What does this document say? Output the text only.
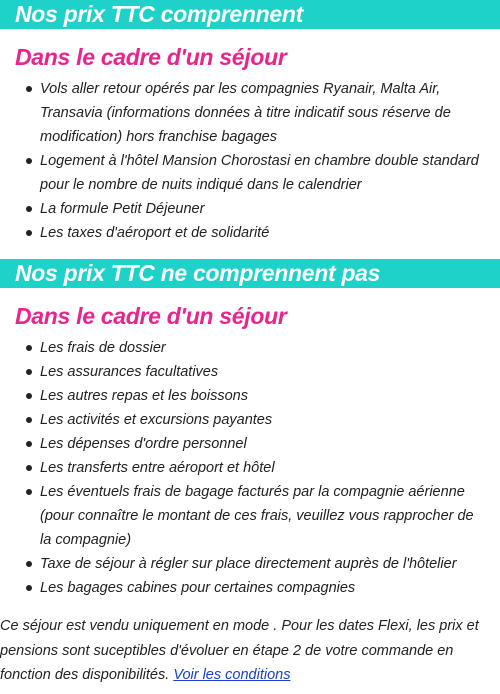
Nos prix TTC comprennent
Dans le cadre d'un séjour
Vols aller retour opérés par les compagnies Ryanair, Malta Air, Transavia (informations données à titre indicatif sous réserve de modification) hors franchise bagages
Logement à l'hôtel Mansion Chorostasi en chambre double standard pour le nombre de nuits indiqué dans le calendrier
La formule Petit Déjeuner
Les taxes d'aéroport et de solidarité
Nos prix TTC ne comprennent pas
Dans le cadre d'un séjour
Les frais de dossier
Les assurances facultatives
Les autres repas et les boissons
Les activités et excursions payantes
Les dépenses d'ordre personnel
Les transferts entre aéroport et hôtel
Les éventuels frais de bagage facturés par la compagnie aérienne (pour connaître le montant de ces frais, veuillez vous rapprocher de la compagnie)
Taxe de séjour à régler sur place directement auprès de l'hôtelier
Les bagages cabines pour certaines compagnies
Ce séjour est vendu uniquement en mode . Pour les dates Flexi, les prix et pensions sont suceptibles d'évoluer en étape 2 de votre commande en fonction des disponibilités. Voir les conditions
